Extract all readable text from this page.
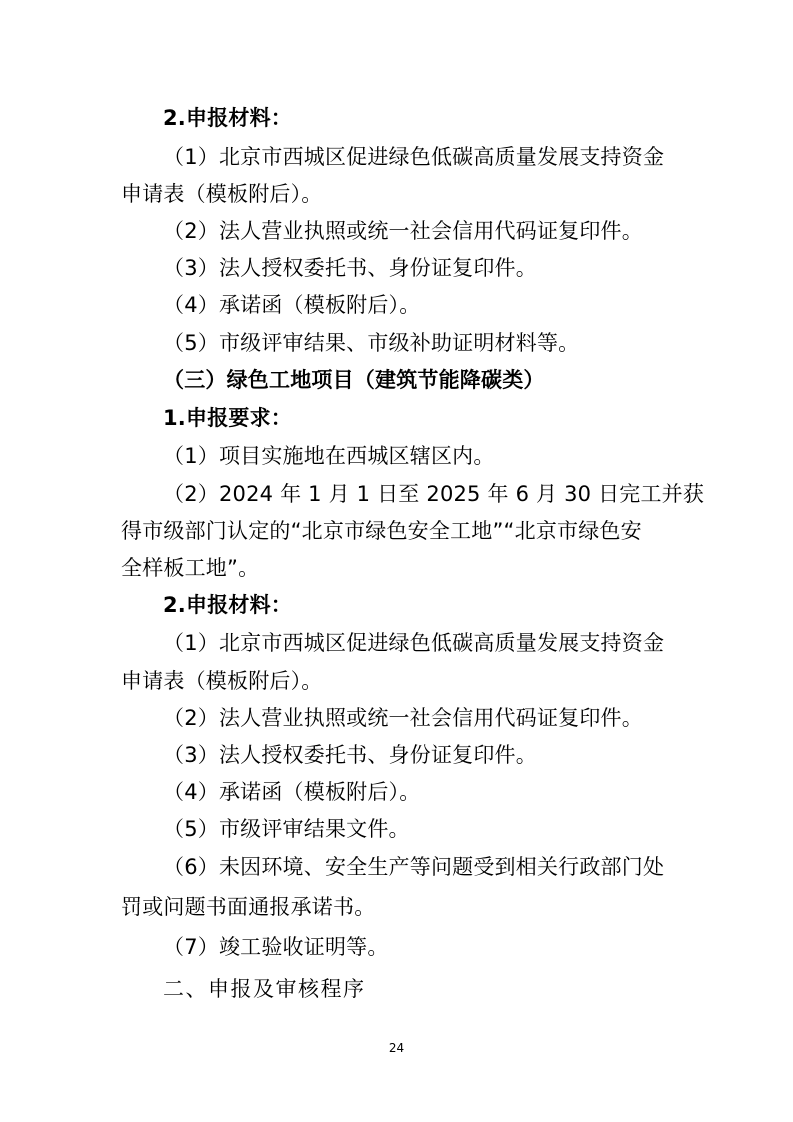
2.申报材料：
（1）北京市西城区促进绿色低碳高质量发展支持资金
申请表（模板附后）。
（2）法人营业执照或统一社会信用代码证复印件。
（3）法人授权委托书、身份证复印件。
（4）承诺函（模板附后）。
（5）市级评审结果、市级补助证明材料等。
（三）绿色工地项目（建筑节能降碳类）
1.申报要求：
（1）项目实施地在西城区辖区内。
（2）2024 年 1 月 1 日至 2025 年 6 月 30 日完工并获
得市级部门认定的“北京市绿色安全工地”“北京市绿色安
全样板工地”。
2.申报材料：
（1）北京市西城区促进绿色低碳高质量发展支持资金
申请表（模板附后）。
（2）法人营业执照或统一社会信用代码证复印件。
（3）法人授权委托书、身份证复印件。
（4）承诺函（模板附后）。
（5）市级评审结果文件。
（6）未因环境、安全生产等问题受到相关行政部门处
罚或问题书面通报承诺书。
（7）竣工验收证明等。
二、申报及审核程序
24
